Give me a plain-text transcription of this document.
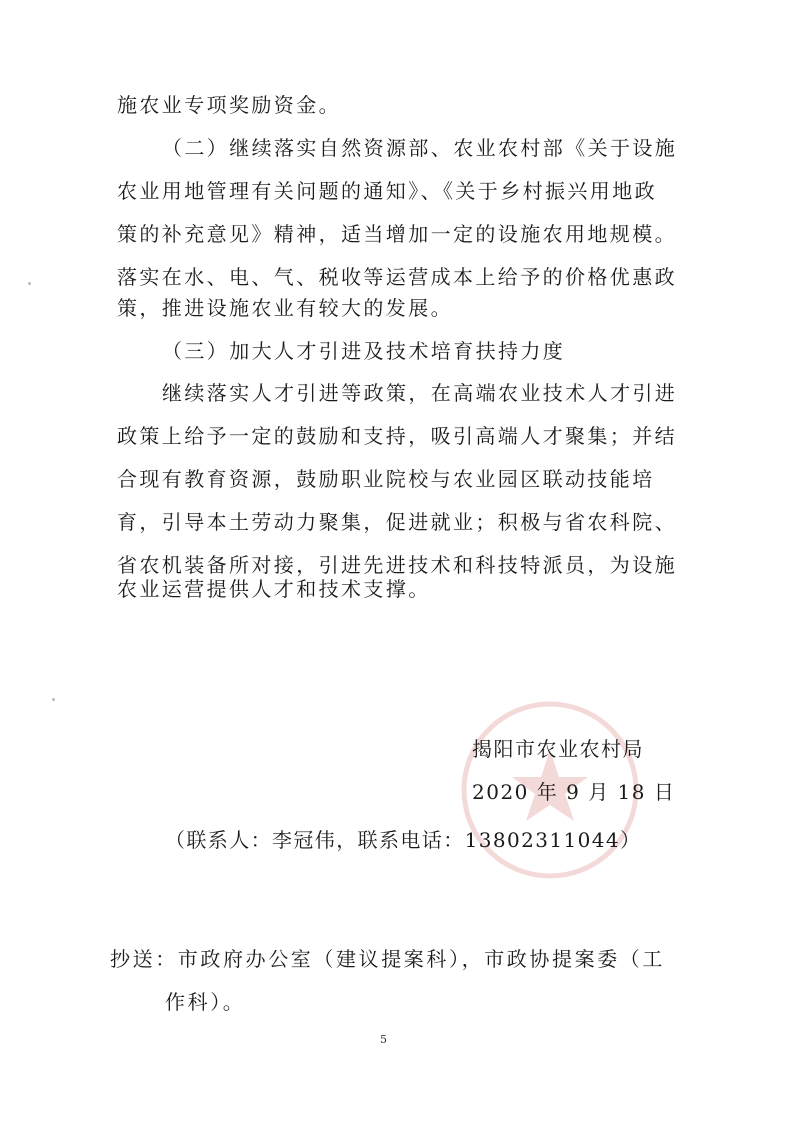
施农业专项奖励资金。
（二）继续落实自然资源部、农业农村部《关于设施
农业用地管理有关问题的通知》、《关于乡村振兴用地政
策的补充意见》精神，适当增加一定的设施农用地规模。
落实在水、电、气、税收等运营成本上给予的价格优惠政
策，推进设施农业有较大的发展。
（三）加大人才引进及技术培育扶持力度
继续落实人才引进等政策，在高端农业技术人才引进
政策上给予一定的鼓励和支持，吸引高端人才聚集；并结
合现有教育资源，鼓励职业院校与农业园区联动技能培
育，引导本土劳动力聚集，促进就业；积极与省农科院、
省农机装备所对接，引进先进技术和科技特派员，为设施
农业运营提供人才和技术支撑。
揭阳市农业农村局
2020 年 9 月 18 日
（联系人：李冠伟，联系电话：13802311044）
抄送：市政府办公室（建议提案科），市政协提案委（工
作科）。
5
